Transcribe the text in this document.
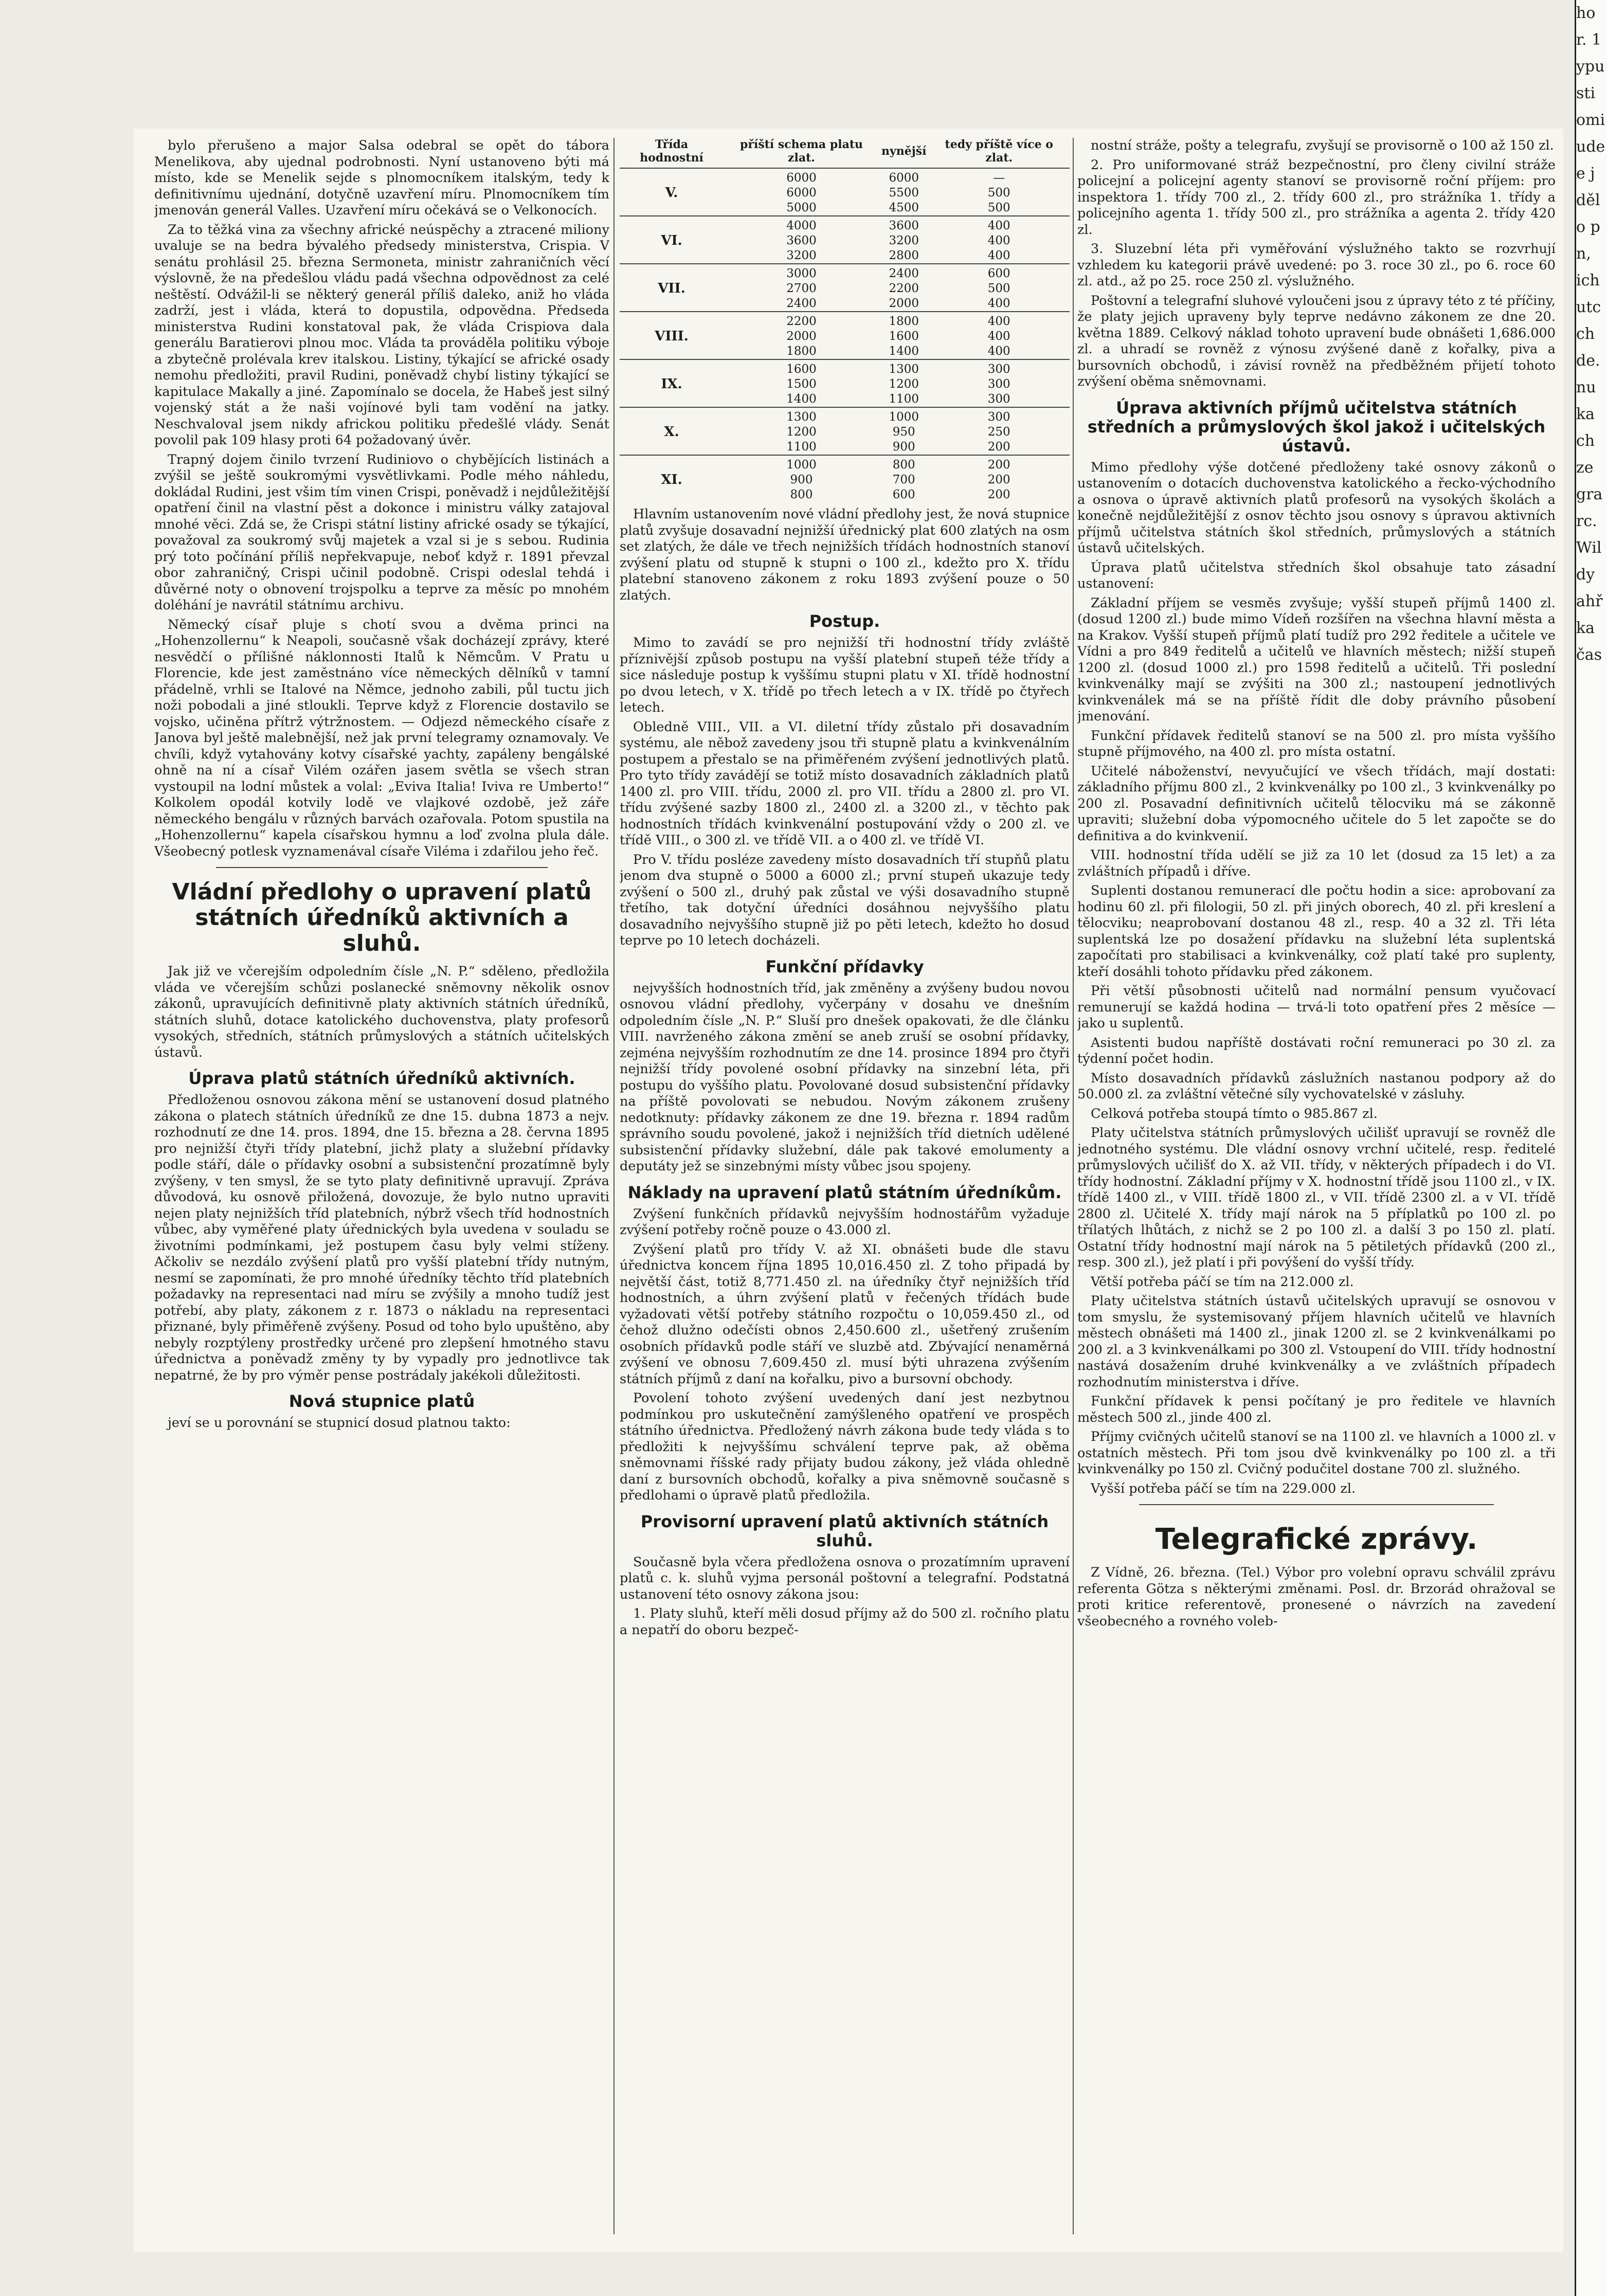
ho

r. 1

ypu

sti

omi

ude

e j

děl

o p

n,

ich

utc

ch

de.

nu

ka

ch

ze

gra

rc.

Wil

dy

ahř

ka

čas

bylo přerušeno a major Salsa odebral se opět do tábora Menelikova, aby ujednal podrobnosti. Nyní ustanoveno býti má místo, kde se Menelik sejde s plnomocníkem italským, tedy k definitivnímu ujednání, dotyčně uzavření míru. Plnomocníkem tím jmenován generál Valles. Uzavření míru očekává se o Velkonocích.

Za to těžká vina za všechny africké neúspěchy a ztracené miliony uvaluje se na bedra bývalého předsedy ministerstva, Crispia. V senátu prohlásil 25. března Sermoneta, ministr zahraničních věcí výslovně, že na předešlou vládu padá všechna odpovědnost za celé neštěstí. Odvážil-li se některý generál příliš daleko, aniž ho vláda zadrží, jest i vláda, která to dopustila, odpovědna. Předseda ministerstva Rudini konstatoval pak, že vláda Crispiova dala generálu Baratierovi plnou moc. Vláda ta prováděla politiku výboje a zbytečně prolévala krev italskou. Listiny, týkající se africké osady nemohu předložiti, pravil Rudini, poněvadž chybí listiny týkající se kapitulace Makally a jiné. Zapomínalo se docela, že Habeš jest silný vojenský stát a že naši vojínové byli tam vodění na jatky. Neschvaloval jsem nikdy africkou politiku předešlé vlády. Senát povolil pak 109 hlasy proti 64 požadovaný úvěr.

Trapný dojem činilo tvrzení Rudiniovo o chybějících listinách a zvýšil se ještě soukromými vysvětlivkami. Podle mého náhledu, dokládal Rudini, jest všim tím vinen Crispi, poněvadž i nejdůležitější opatření činil na vlastní pěst a dokonce i ministru války zatajoval mnohé věci. Zdá se, že Crispi státní listiny africké osady se týkající, považoval za soukromý svůj majetek a vzal si je s sebou. Rudinia prý toto počínání příliš nepřekvapuje, neboť když r. 1891 převzal obor zahraničný, Crispi učinil podobně. Crispi odeslal tehdá i důvěrné noty o obnovení trojspolku a teprve za měsíc po mnohém doléhání je navrátil státnímu archivu.

Německý císař pluje s chotí svou a dvěma princi na „Hohenzollernu“ k Neapoli, současně však docházejí zprávy, které nesvědčí o přílišné náklonnosti Italů k Němcům. V Pratu u Florencie, kde jest zaměstnáno více německých dělníků v tamní přádelně, vrhli se Italové na Němce, jednoho zabili, půl tuctu jich noži pobodali a jiné stloukli. Teprve když z Florencie dostavilo se vojsko, učiněna přítrž výtržnostem. — Odjezd německého císaře z Janova byl ještě malebnější, než jak první telegramy oznamovaly. Ve chvíli, když vytahovány kotvy císařské yachty, zapáleny bengálské ohně na ní a císař Vilém ozářen jasem světla se všech stran vystoupil na lodní můstek a volal: „Eviva Italia! Iviva re Umberto!“ Kolkolem opodál kotvily lodě ve vlajkové ozdobě, jež záře německého bengálu v různých barvách ozařovala. Potom spustila na „Hohenzollernu“ kapela císařskou hymnu a loď zvolna plula dále. Všeobecný potlesk vyznamenával císaře Viléma i zdařilou jeho řeč.

Vládní předlohy o upravení platů státních úředníků aktivních a sluhů.

Jak již ve včerejším odpoledním čísle „N. P.“ sděleno, předložila vláda ve včerejším schůzi poslanecké sněmovny několik osnov zákonů, upravujících definitivně platy aktivních státních úředníků, státních sluhů, dotace katolického duchovenstva, platy profesorů vysokých, středních, státních průmyslových a státních učitelských ústavů.

Úprava platů státních úředníků aktivních.

Předloženou osnovou zákona mění se ustanovení dosud platného zákona o platech státních úředníků ze dne 15. dubna 1873 a nejv. rozhodnutí ze dne 14. pros. 1894, dne 15. března a 28. června 1895 pro nejnižší čtyři třídy platební, jichž platy a služební přídavky podle stáří, dále o přídavky osobní a subsistenční prozatímně byly zvýšeny, v ten smysl, že se tyto platy definitivně upravují. Zpráva důvodová, ku osnově přiložená, dovozuje, že bylo nutno upraviti nejen platy nejnižších tříd platebních, nýbrž všech tříd hodnostních vůbec, aby vyměřené platy úřednických byla uvedena v souladu se životními podmínkami, jež postupem času byly velmi stíženy. Ačkoliv se nezdálo zvýšení platů pro vyšší platební třídy nutným, nesmí se zapomínati, že pro mnohé úředníky těchto tříd platebních požadavky na representaci nad míru se zvýšily a mnoho tudíž jest potřebí, aby platy, zákonem z r. 1873 o nákladu na representaci přiznané, byly přiměřeně zvýšeny. Posud od toho bylo upuštěno, aby nebyly rozptýleny prostředky určené pro zlepšení hmotného stavu úřednictva a poněvadž změny ty by vypadly pro jednotlivce tak nepatrné, že by pro výměr pense postrádaly jakékoli důležitosti.

Nová stupnice platů

jeví se u porovnání se stupnicí dosud platnou takto:

Třída hodnostní	příští schema platu zlat.	nynější	tedy příště více o zlat.
V.	6000	6000	—
	6000	5500	500
	5000	4500	500
VI.	4000	3600	400
	3600	3200	400
	3200	2800	400
VII.	3000	2400	600
	2700	2200	500
	2400	2000	400
VIII.	2200	1800	400
	2000	1600	400
	1800	1400	400
IX.	1600	1300	300
	1500	1200	300
	1400	1100	300
X.	1300	1000	300
	1200	950	250
	1100	900	200
XI.	1000	800	200
	900	700	200
	800	600	200

Hlavním ustanovením nové vládní předlohy jest, že nová stupnice platů zvyšuje dosavadní nejnižší úřednický plat 600 zlatých na osm set zlatých, že dále ve třech nejnižších třídách hodnostních stanoví zvýšení platu od stupně k stupni o 100 zl., kdežto pro X. třídu platební stanoveno zákonem z roku 1893 zvýšení pouze o 50 zlatých.

Postup.

Mimo to zavádí se pro nejnižší tři hodnostní třídy zvláště příznivější způsob postupu na vyšší platební stupeň téže třídy a sice následuje postup k vyššímu stupni platu v XI. třídě hodnostní po dvou letech, v X. třídě po třech letech a v IX. třídě po čtyřech letech.

Obledně VIII., VII. a VI. diletní třídy zůstalo při dosavadním systému, ale něbož zavedeny jsou tři stupně platu a kvinkvenálním postupem a přestalo se na přiměřeném zvýšení jednotlivých platů. Pro tyto třídy zavádějí se totiž místo dosavadních základních platů 1400 zl. pro VIII. třídu, 2000 zl. pro VII. třídu a 2800 zl. pro VI. třídu zvýšené sazby 1800 zl., 2400 zl. a 3200 zl., v těchto pak hodnostních třídách kvinkvenální postupování vždy o 200 zl. ve třídě VIII., o 300 zl. ve třídě VII. a o 400 zl. ve třídě VI.

Pro V. třídu posléze zavedeny místo dosavadních tří stupňů platu jenom dva stupně o 5000 a 6000 zl.; první stupeň ukazuje tedy zvýšení o 500 zl., druhý pak zůstal ve výši dosavadního stupně třetího, tak dotyční úředníci dosáhnou nejvyššího platu dosavadního nejvyššího stupně již po pěti letech, kdežto ho dosud teprve po 10 letech docházeli.

Funkční přídavky

nejvyšších hodnostních tříd, jak změněny a zvýšeny budou novou osnovou vládní předlohy, vyčerpány v dosahu ve dnešním odpoledním čísle „N. P.“ Sluší pro dnešek opakovati, že dle článku VIII. navrženého zákona změní se aneb zruší se osobní přídavky, zejména nejvyšším rozhodnutím ze dne 14. prosince 1894 pro čtyři nejnižší třídy povolené osobní přídavky na sinzební léta, při postupu do vyššího platu. Povolované dosud subsistenční přídavky na příště povolovati se nebudou. Novým zákonem zrušeny nedotknuty: přídavky zákonem ze dne 19. března r. 1894 radům správního soudu povolené, jakož i nejnižších tříd dietních udělené subsistenční přídavky služební, dále pak takové emolumenty a deputáty jež se sinzebnými místy vůbec jsou spojeny.

Náklady na upravení platů státním úředníkům.

Zvýšení funkčních přídavků nejvyšším hodnostářům vyžaduje zvýšení potřeby ročně pouze o 43.000 zl.

Zvýšení platů pro třídy V. až XI. obnášeti bude dle stavu úřednictva koncem října 1895 10,016.450 zl. Z toho připadá by největší část, totiž 8,771.450 zl. na úředníky čtyř nejnižších tříd hodnostních, a úhrn zvýšení platů v řečených třídách bude vyžadovati větší potřeby státního rozpočtu o 10,059.450 zl., od čehož dlužno odečísti obnos 2,450.600 zl., ušetřený zrušením osobních přídavků podle stáří ve sluzbě atd. Zbývající nenaměrná zvýšení ve obnosu 7,609.450 zl. musí býti uhrazena zvýšením státních příjmů z daní na kořalku, pivo a bursovní obchody.

Povolení tohoto zvýšení uvedených daní jest nezbytnou podmínkou pro uskutečnění zamýšleného opatření ve prospěch státního úřednictva. Předložený návrh zákona bude tedy vláda s to předložiti k nejvyššímu schválení teprve pak, až oběma sněmovnami říšské rady přijaty budou zákony, jež vláda ohledně daní z bursovních obchodů, kořalky a piva sněmovně současně s předlohami o úpravě platů předložila.

Provisorní upravení platů aktivních státních sluhů.

Současně byla včera předložena osnova o prozatímním upravení platů c. k. sluhů vyjma personál poštovní a telegrafní. Podstatná ustanovení této osnovy zákona jsou:

1. Platy sluhů, kteří měli dosud příjmy až do 500 zl. ročního platu a nepatří do oboru bezpeč-

nostní stráže, pošty a telegrafu, zvyšují se provisorně o 100 až 150 zl.

2. Pro uniformované stráž bezpečnostní, pro členy civilní stráže policejní a policejní agenty stanoví se provisorně roční příjem: pro inspektora 1. třídy 700 zl., 2. třídy 600 zl., pro strážníka 1. třídy a policejního agenta 1. třídy 500 zl., pro strážníka a agenta 2. třídy 420 zl.

3. Sluzební léta při vyměřování výslužného takto se rozvrhují vzhledem ku kategorii právě uvedené: po 3. roce 30 zl., po 6. roce 60 zl. atd., až po 25. roce 250 zl. výslužného.

Poštovní a telegrafní sluhové vyloučeni jsou z úpravy této z té příčiny, že platy jejich upraveny byly teprve nedávno zákonem ze dne 20. května 1889. Celkový náklad tohoto upravení bude obnášeti 1,686.000 zl. a uhradí se rovněž z výnosu zvýšené daně z kořalky, piva a bursovních obchodů, i závisí rovněž na předběžném přijetí tohoto zvýšení oběma sněmovnami.

Úprava aktivních příjmů učitelstva státních středních a průmyslových škol jakož i učitelských ústavů.

Mimo předlohy výše dotčené předloženy také osnovy zákonů o ustanovením o dotacích duchovenstva katolického a řecko-východního a osnova o úpravě aktivních platů profesorů na vysokých školách a konečně nejdůležitější z osnov těchto jsou osnovy s úpravou aktivních příjmů učitelstva státních škol středních, průmyslových a státních ústavů učitelských.

Úprava platů učitelstva středních škol obsahuje tato zásadní ustanovení:

Základní příjem se vesměs zvyšuje; vyšší stupeň příjmů 1400 zl. (dosud 1200 zl.) bude mimo Vídeň rozšířen na všechna hlavní města a na Krakov. Vyšší stupeň příjmů platí tudíž pro 292 ředitele a učitele ve Vídni a pro 849 ředitelů a učitelů ve hlavních městech; nižší stupeň 1200 zl. (dosud 1000 zl.) pro 1598 ředitelů a učitelů. Tři poslední kvinkvenálky mají se zvýšiti na 300 zl.; nastoupení jednotlivých kvinkvenálek má se na příště řídit dle doby právního působení jmenování.

Funkční přídavek ředitelů stanoví se na 500 zl. pro místa vyššího stupně příjmového, na 400 zl. pro místa ostatní.

Učitelé náboženství, nevyučující ve všech třídách, mají dostati: základního příjmu 800 zl., 2 kvinkvenálky po 100 zl., 3 kvinkvenálky po 200 zl. Posavadní definitivních učitelů tělocviku má se zákonně upraviti; služební doba výpomocného učitele do 5 let započte se do definitiva a do kvinkvenií.

VIII. hodnostní třída udělí se již za 10 let (dosud za 15 let) a za zvláštních případů i dříve.

Suplenti dostanou remunerací dle počtu hodin a sice: aprobovaní za hodinu 60 zl. při filologii, 50 zl. při jiných oborech, 40 zl. při kreslení a tělocviku; neaprobovaní dostanou 48 zl., resp. 40 a 32 zl. Tři léta suplentská lze po dosažení přídavku na služební léta suplentská započítati pro stabilisaci a kvinkvenálky, což platí také pro suplenty, kteří dosáhli tohoto přídavku před zákonem.

Při větší působnosti učitelů nad normální pensum vyučovací remunerují se každá hodina — trvá-li toto opatření přes 2 měsíce — jako u suplentů.

Asistenti budou napříště dostávati roční remuneraci po 30 zl. za týdenní počet hodin.

Místo dosavadních přídavků záslužních nastanou podpory až do 50.000 zl. za zvláštní větečné síly vychovatelské v zásluhy.

Celková potřeba stoupá tímto o 985.867 zl.

Platy učitelstva státních průmyslových učilišť upravují se rovněž dle jednotného systému. Dle vládní osnovy vrchní učitelé, resp. ředitelé průmyslových učilišť do X. až VII. třídy, v některých případech i do VI. třídy hodnostní. Základní příjmy v X. hodnostní třídě jsou 1100 zl., v IX. třídě 1400 zl., v VIII. třídě 1800 zl., v VII. třídě 2300 zl. a v VI. třídě 2800 zl. Učitelé X. třídy mají nárok na 5 příplatků po 100 zl. po třílatých lhůtách, z nichž se 2 po 100 zl. a další 3 po 150 zl. platí. Ostatní třídy hodnostní mají nárok na 5 pětiletých přídavků (200 zl., resp. 300 zl.), jež platí i při povýšení do vyšší třídy.

Větší potřeba páčí se tím na 212.000 zl.

Platy učitelstva státních ústavů učitelských upravují se osnovou v tom smyslu, že systemisovaný příjem hlavních učitelů ve hlavních městech obnášeti má 1400 zl., jinak 1200 zl. se 2 kvinkvenálkami po 200 zl. a 3 kvinkvenálkami po 300 zl. Vstoupení do VIII. třídy hodnostní nastává dosažením druhé kvinkvenálky a ve zvláštních případech rozhodnutím ministerstva i dříve.

Funkční přídavek k pensi počítaný je pro ředitele ve hlavních městech 500 zl., jinde 400 zl.

Příjmy cvičných učitelů stanoví se na 1100 zl. ve hlavních a 1000 zl. v ostatních městech. Při tom jsou dvě kvinkvenálky po 100 zl. a tři kvinkvenálky po 150 zl. Cvičný podučitel dostane 700 zl. služného.

Vyšší potřeba páčí se tím na 229.000 zl.

Telegrafické zprávy.

Z Vídně, 26. března. (Tel.) Výbor pro volební opravu schválil zprávu referenta Götza s některými změnami. Posl. dr. Brzorád ohražoval se proti kritice referentově, pronesené o návrzích na zavedení všeobecného a rovného voleb-
